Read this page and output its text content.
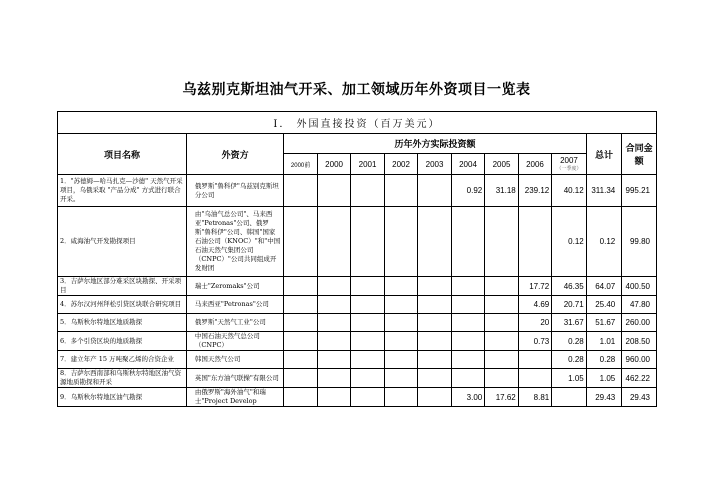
乌兹别克斯坦油气开采、加工领域历年外资项目一览表
I． 外国直接投资（百万美元）												
项目名称	外资方	历年外方实际投资额									总计	合同金额
		2000前	2000	2001	2002	2003	2004	2005	2006	2007
（一季度）		

1．"苏德姆—哈马扎克—沙德" 天然气开采项目，乌俄采取 "产品分成" 方式进行联合开采。	俄罗斯"鲁科伊"乌兹别克斯坦分公司						0.92	31.18	239.12	40.12	311.34	995.21
2．咸海油气开发勘探项目	由"乌油气总公司"、马来西亚"Petronas"公司、俄罗斯"鲁科伊"公司、韩国"国家石油公司（KNOC）"和"中国石油天然气集团公司（CNPC）"公司共同组成开发财团									0.12	0.12	99.80
3．吉萨尔地区部分难采区块勘探、开采项目	瑞士"Zeromaks"公司								17.72	46.35	64.07	400.50
4．苏尔汉河州拜松引贷区块联合研究项目	马来西亚"Petronas"公司								4.69	20.71	25.40	47.80
5．乌斯秋尔特地区地质勘探	俄罗斯"天然气工业"公司								20	31.67	51.67	260.00
6．多个引贷区块的地质勘探	中国石油天然气总公司（CNPC）								0.73	0.28	1.01	208.50
7．建立年产 15 万吨聚乙烯的合资企业	韩国天然气公司									0.28	0.28	960.00
8．吉萨尔西南部和乌斯秋尔特地区油气资源地质勘探和开采	英国"东方油气联操"有限公司									1.05	1.05	462.22
9．乌斯秋尔特地区油气勘探	由俄罗斯"海外油气"和瑞士"Project Develop						3.00	17.62	8.81		29.43	29.43
